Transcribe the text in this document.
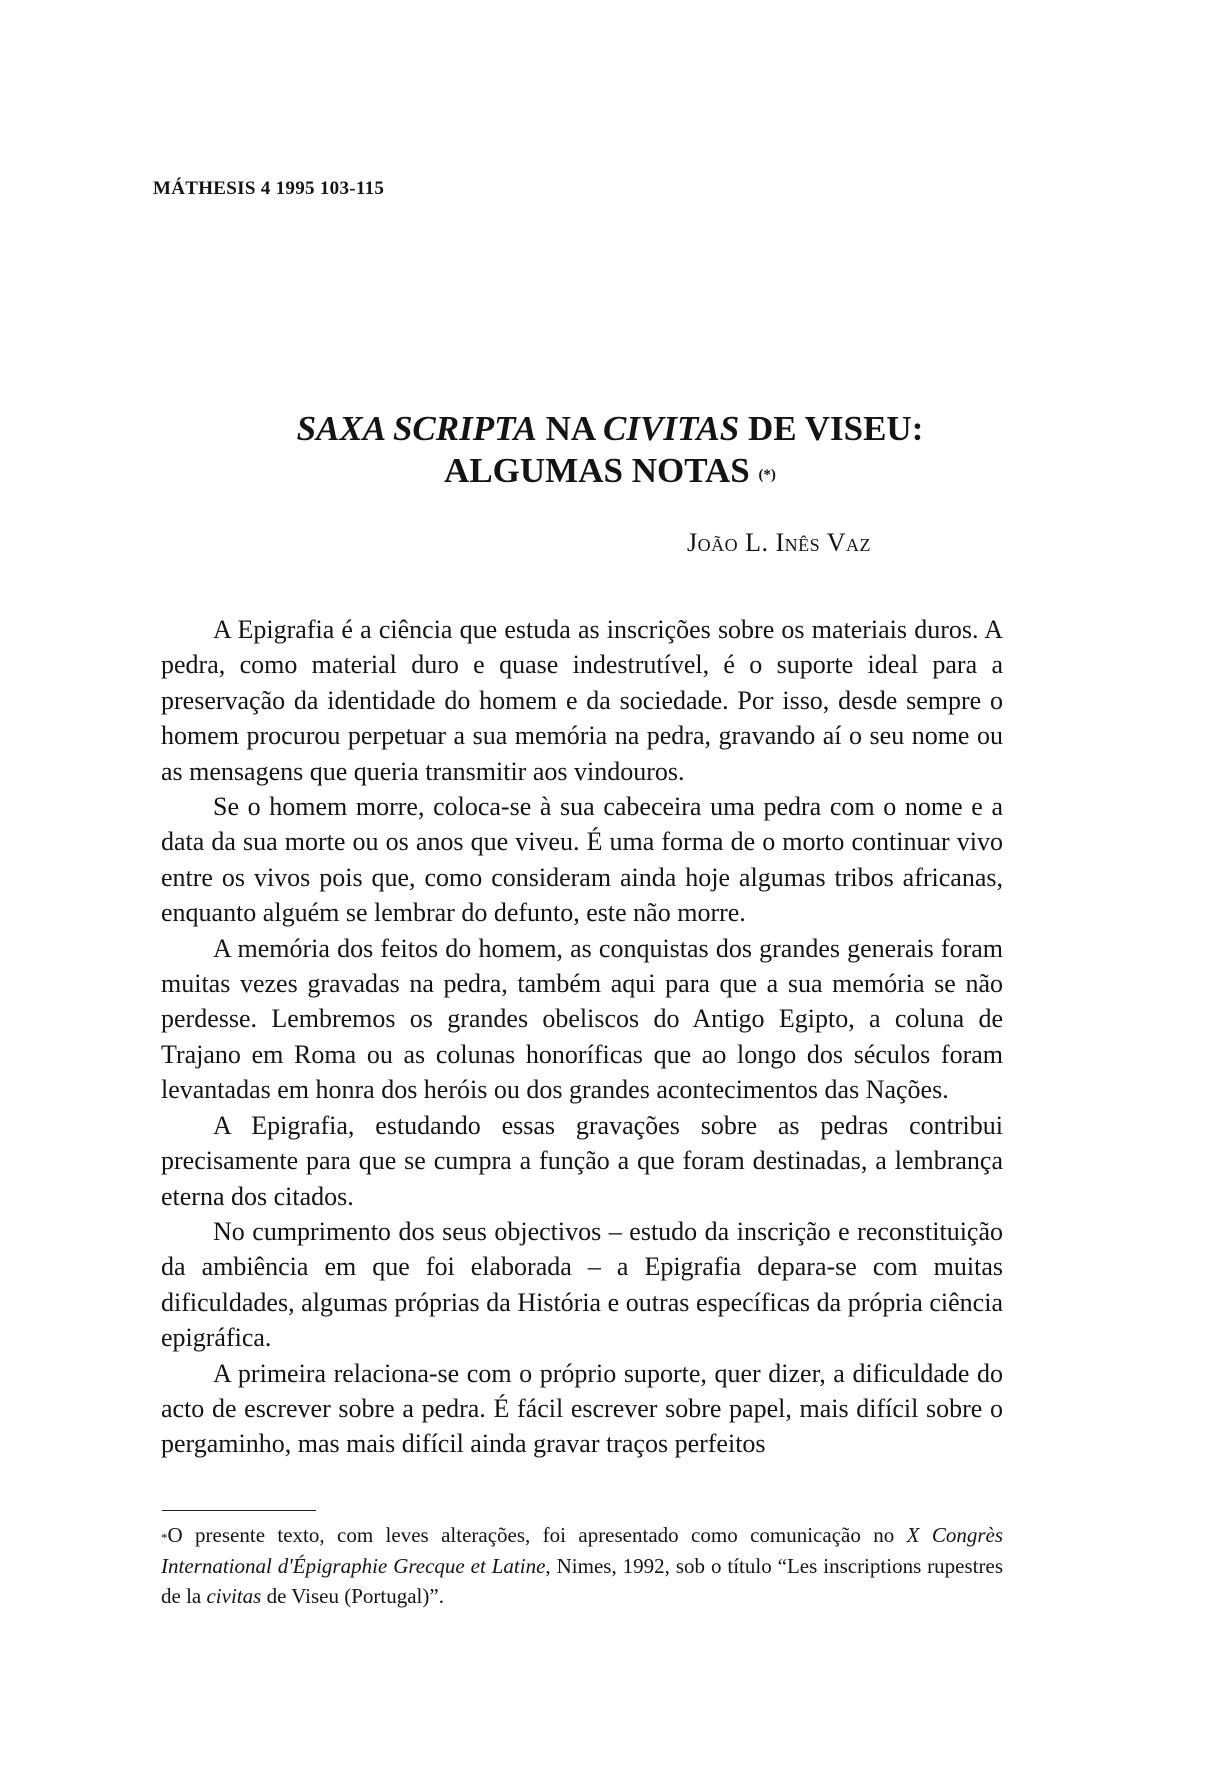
MÁTHESIS 4 1995 103-115
SAXA SCRIPTA NA CIVITAS DE VISEU:
ALGUMAS NOTAS (*)
João L. Inês Vaz

A Epigrafia é a ciência que estuda as inscrições sobre os materiais duros. A pedra, como material duro e quase indestrutível, é o suporte ideal para a preservação da identidade do homem e da sociedade. Por isso, desde sempre o homem procurou perpetuar a sua memória na pedra, gravando aí o seu nome ou as mensagens que queria transmitir aos vindouros.

Se o homem morre, coloca-se à sua cabeceira uma pedra com o nome e a data da sua morte ou os anos que viveu. É uma forma de o morto continuar vivo entre os vivos pois que, como consideram ainda hoje algumas tribos africanas, enquanto alguém se lembrar do defunto, este não morre.

A memória dos feitos do homem, as conquistas dos grandes generais foram muitas vezes gravadas na pedra, também aqui para que a sua memória se não perdesse. Lembremos os grandes obeliscos do Antigo Egipto, a coluna de Trajano em Roma ou as colunas honoríficas que ao longo dos séculos foram levantadas em honra dos heróis ou dos grandes acontecimentos das Nações.

A Epigrafia, estudando essas gravações sobre as pedras contribui precisamente para que se cumpra a função a que foram destinadas, a lembrança eterna dos citados.

No cumprimento dos seus objectivos – estudo da inscrição e reconstituição da ambiência em que foi elaborada – a Epigrafia depara-se com muitas dificuldades, algumas próprias da História e outras específicas da própria ciência epigráfica.

A primeira relaciona-se com o próprio suporte, quer dizer, a dificuldade do acto de escrever sobre a pedra. É fácil escrever sobre papel, mais difícil sobre o pergaminho, mas mais difícil ainda gravar traços perfeitos

*O presente texto, com leves alterações, foi apresentado como comunicação no X Congrès International d'Épigraphie Grecque et Latine, Nimes, 1992, sob o título “Les inscriptions rupestres de la civitas de Viseu (Portugal)”.
